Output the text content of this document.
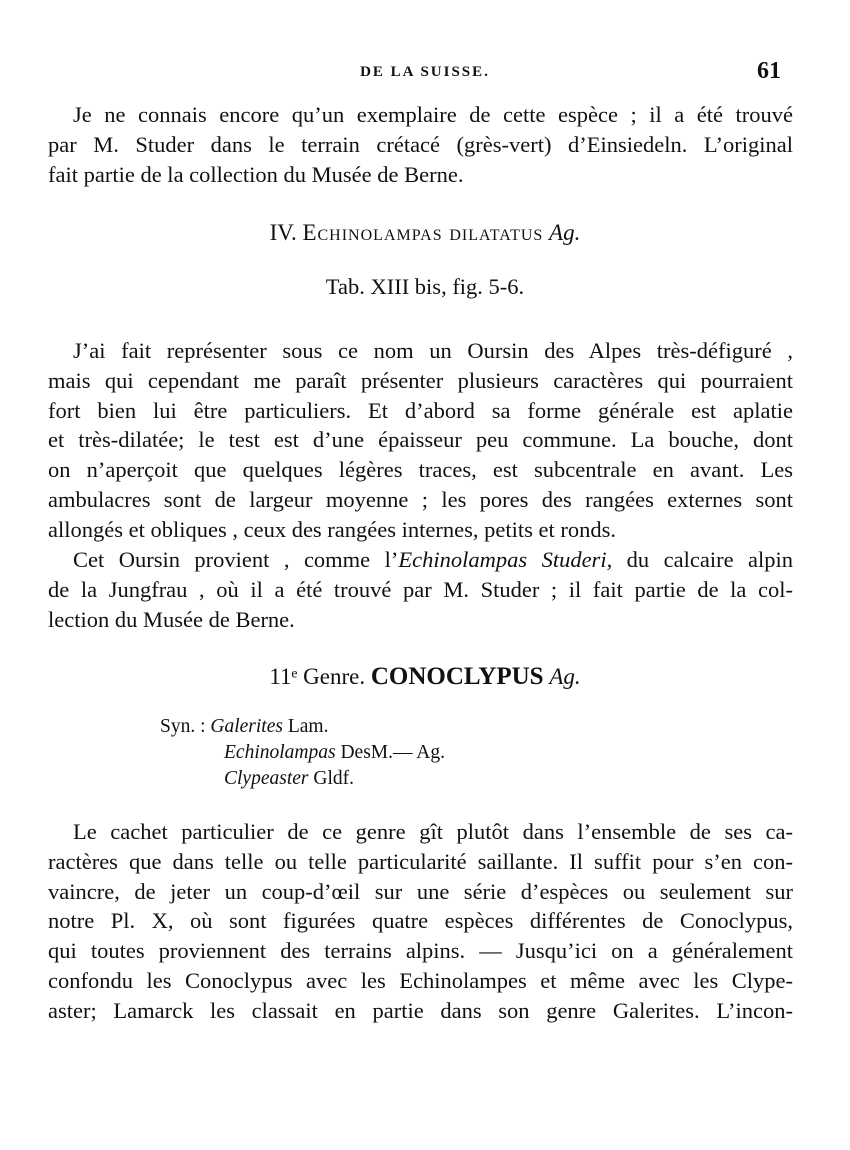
DE LA SUISSE.	61
Je ne connais encore qu’un exemplaire de cette espèce ; il a été trouvé
par M. Studer dans le terrain crétacé (grès-vert) d’Einsiedeln. L’original
fait partie de la collection du Musée de Berne.
IV. Echinolampas dilatatus Ag.
Tab. XIII bis, fig. 5-6.
J’ai fait représenter sous ce nom un Oursin des Alpes très-défiguré ,
mais qui cependant me paraît présenter plusieurs caractères qui pourraient
fort bien lui être particuliers. Et d’abord sa forme générale est aplatie
et très-dilatée; le test est d’une épaisseur peu commune. La bouche, dont
on n’aperçoit que quelques légères traces, est subcentrale en avant. Les
ambulacres sont de largeur moyenne ; les pores des rangées externes sont
allongés et obliques , ceux des rangées internes, petits et ronds.
Cet Oursin provient , comme l’Echinolampas Studeri, du calcaire alpin
de la Jungfrau , où il a été trouvé par M. Studer ; il fait partie de la col-
lection du Musée de Berne.
11ᵉ Genre. CONOCLYPUS Ag.
Syn. : Galerites Lam.
Echinolampas DesM.— Ag.
Clypeaster Gldf.
Le cachet particulier de ce genre gît plutôt dans l’ensemble de ses ca-
ractères que dans telle ou telle particularité saillante. Il suffit pour s’en con-
vaincre, de jeter un coup-d’œil sur une série d’espèces ou seulement sur
notre Pl. X, où sont figurées quatre espèces différentes de Conoclypus,
qui toutes proviennent des terrains alpins. — Jusqu’ici on a généralement
confondu les Conoclypus avec les Echinolampes et même avec les Clype-
aster; Lamarck les classait en partie dans son genre Galerites. L’incon-
